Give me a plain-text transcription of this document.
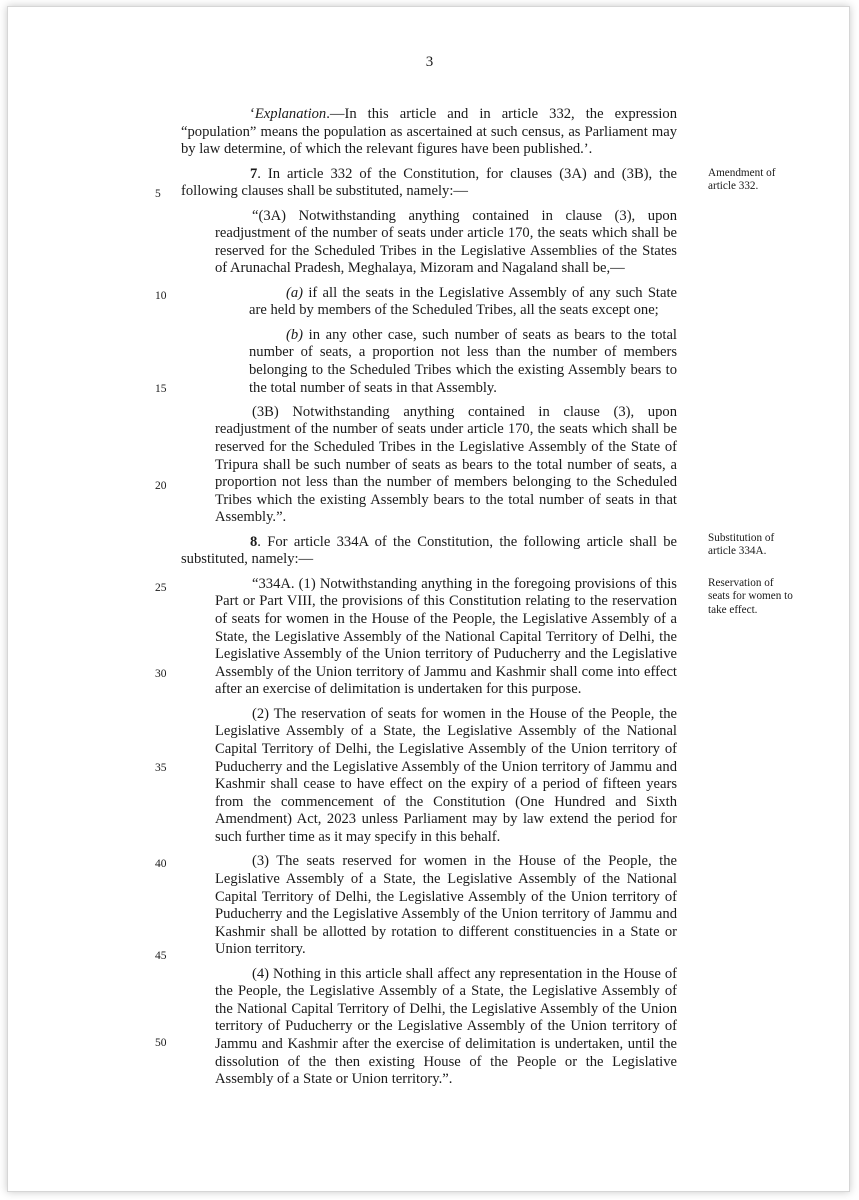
3

‘Explanation.—In this article and in article 332, the expression “population” means the population as ascertained at such census, as Parliament may by law determine, of which the relevant figures have been published.’.

7. In article 332 of the Constitution, for clauses (3A) and (3B), the following clauses shall be substituted, namely:—

“(3A) Notwithstanding anything contained in clause (3), upon readjustment of the number of seats under article 170, the seats which shall be reserved for the Scheduled Tribes in the Legislative Assemblies of the States of Arunachal Pradesh, Meghalaya, Mizoram and Nagaland shall be,—

(a) if all the seats in the Legislative Assembly of any such State are held by members of the Scheduled Tribes, all the seats except one;

(b) in any other case, such number of seats as bears to the total number of seats, a proportion not less than the number of members belonging to the Scheduled Tribes which the existing Assembly bears to the total number of seats in that Assembly.

(3B) Notwithstanding anything contained in clause (3), upon readjustment of the number of seats under article 170, the seats which shall be reserved for the Scheduled Tribes in the Legislative Assembly of the State of Tripura shall be such number of seats as bears to the total number of seats, a proportion not less than the number of members belonging to the Scheduled Tribes which the existing Assembly bears to the total number of seats in that Assembly.”.

8. For article 334A of the Constitution, the following article shall be substituted, namely:—

“334A. (1) Notwithstanding anything in the foregoing provisions of this Part or Part VIII, the provisions of this Constitution relating to the reservation of seats for women in the House of the People, the Legislative Assembly of a State, the Legislative Assembly of the National Capital Territory of Delhi, the Legislative Assembly of the Union territory of Puducherry and the Legislative Assembly of the Union territory of Jammu and Kashmir shall come into effect after an exercise of delimitation is undertaken for this purpose.

(2) The reservation of seats for women in the House of the People, the Legislative Assembly of a State, the Legislative Assembly of the National Capital Territory of Delhi, the Legislative Assembly of the Union territory of Puducherry and the Legislative Assembly of the Union territory of Jammu and Kashmir shall cease to have effect on the expiry of a period of fifteen years from the commencement of the Constitution (One Hundred and Sixth Amendment) Act, 2023 unless Parliament may by law extend the period for such further time as it may specify in this behalf.

(3) The seats reserved for women in the House of the People, the Legislative Assembly of a State, the Legislative Assembly of the National Capital Territory of Delhi, the Legislative Assembly of the Union territory of Puducherry and the Legislative Assembly of the Union territory of Jammu and Kashmir shall be allotted by rotation to different constituencies in a State or Union territory.

(4) Nothing in this article shall affect any representation in the House of the People, the Legislative Assembly of a State, the Legislative Assembly of the National Capital Territory of Delhi, the Legislative Assembly of the Union territory of Puducherry or the Legislative Assembly of the Union territory of Jammu and Kashmir after the exercise of delimitation is undertaken, until the dissolution of the then existing House of the People or the Legislative Assembly of a State or Union territory.”.

5
10
15
20
25
30
35
40
45
50
Amendment of article 332.
Substitution of article 334A.
Reservation of seats for women to take effect.
